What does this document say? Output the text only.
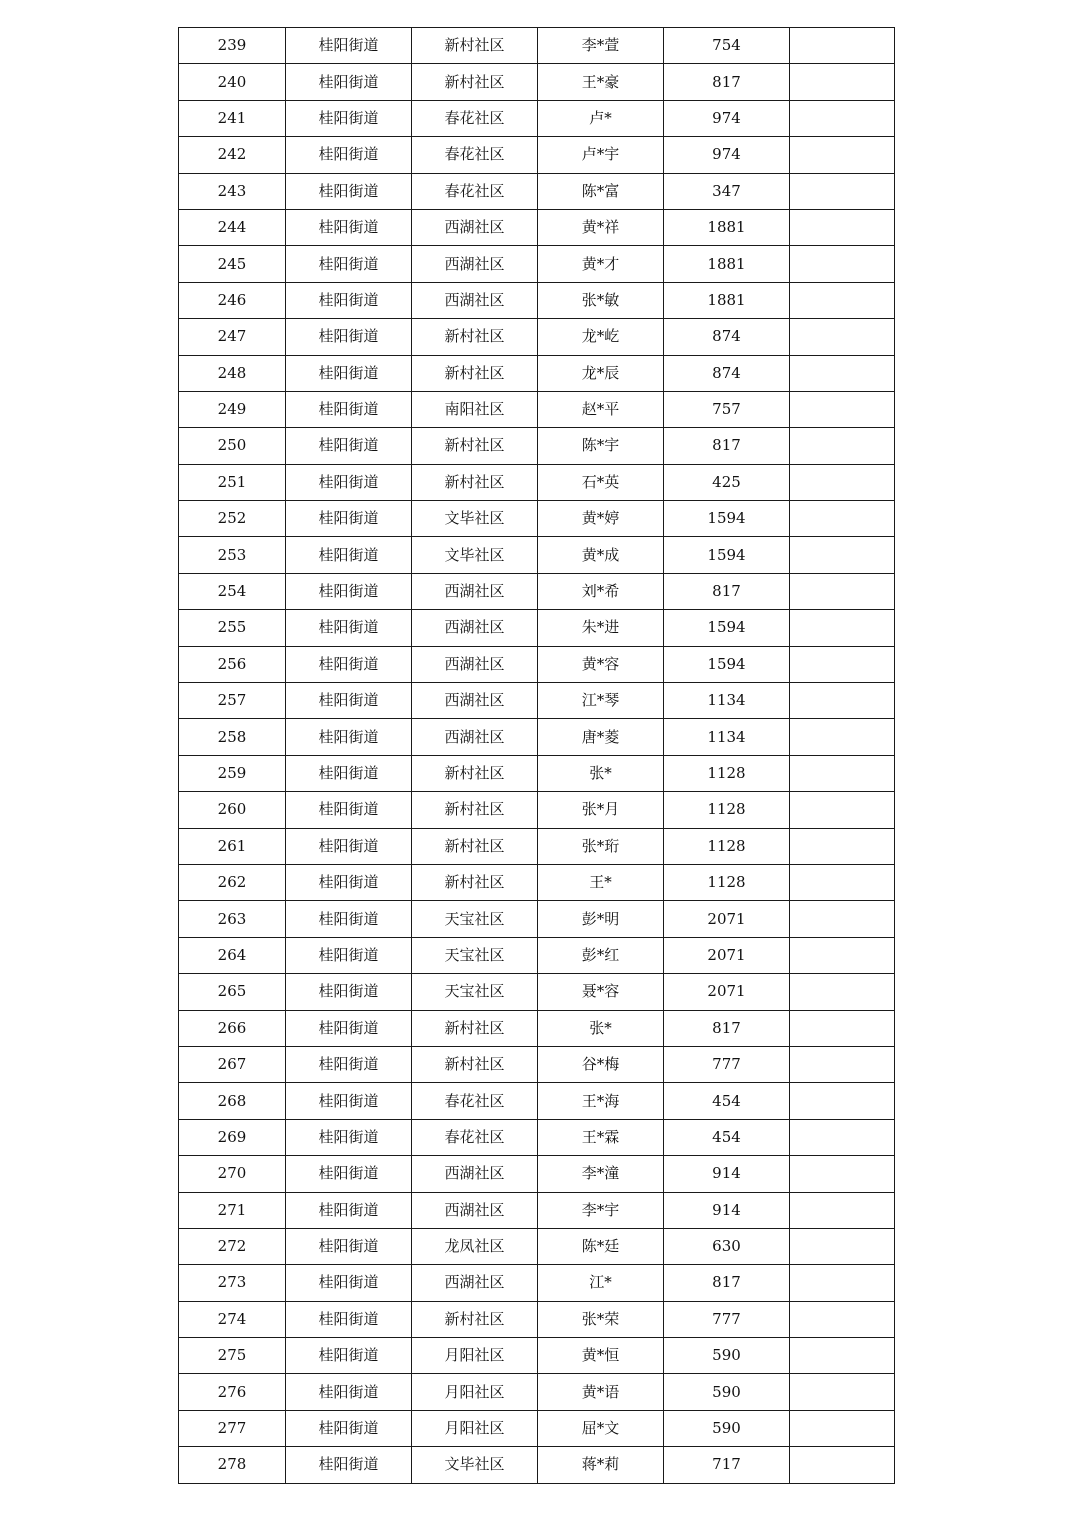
239	桂阳街道	新村社区	李*萱	754	
240	桂阳街道	新村社区	王*豪	817	
241	桂阳街道	春花社区	卢*	974	
242	桂阳街道	春花社区	卢*宇	974	
243	桂阳街道	春花社区	陈*富	347	
244	桂阳街道	西湖社区	黄*祥	1881	
245	桂阳街道	西湖社区	黄*才	1881	
246	桂阳街道	西湖社区	张*敏	1881	
247	桂阳街道	新村社区	龙*屹	874	
248	桂阳街道	新村社区	龙*辰	874	
249	桂阳街道	南阳社区	赵*平	757	
250	桂阳街道	新村社区	陈*宇	817	
251	桂阳街道	新村社区	石*英	425	
252	桂阳街道	文毕社区	黄*婷	1594	
253	桂阳街道	文毕社区	黄*成	1594	
254	桂阳街道	西湖社区	刘*希	817	
255	桂阳街道	西湖社区	朱*进	1594	
256	桂阳街道	西湖社区	黄*容	1594	
257	桂阳街道	西湖社区	江*琴	1134	
258	桂阳街道	西湖社区	唐*菱	1134	
259	桂阳街道	新村社区	张*	1128	
260	桂阳街道	新村社区	张*月	1128	
261	桂阳街道	新村社区	张*珩	1128	
262	桂阳街道	新村社区	王*	1128	
263	桂阳街道	天宝社区	彭*明	2071	
264	桂阳街道	天宝社区	彭*红	2071	
265	桂阳街道	天宝社区	聂*容	2071	
266	桂阳街道	新村社区	张*	817	
267	桂阳街道	新村社区	谷*梅	777	
268	桂阳街道	春花社区	王*海	454	
269	桂阳街道	春花社区	王*霖	454	
270	桂阳街道	西湖社区	李*潼	914	
271	桂阳街道	西湖社区	李*宇	914	
272	桂阳街道	龙凤社区	陈*廷	630	
273	桂阳街道	西湖社区	江*	817	
274	桂阳街道	新村社区	张*荣	777	
275	桂阳街道	月阳社区	黄*恒	590	
276	桂阳街道	月阳社区	黄*语	590	
277	桂阳街道	月阳社区	屈*文	590	
278	桂阳街道	文毕社区	蒋*莉	717	
